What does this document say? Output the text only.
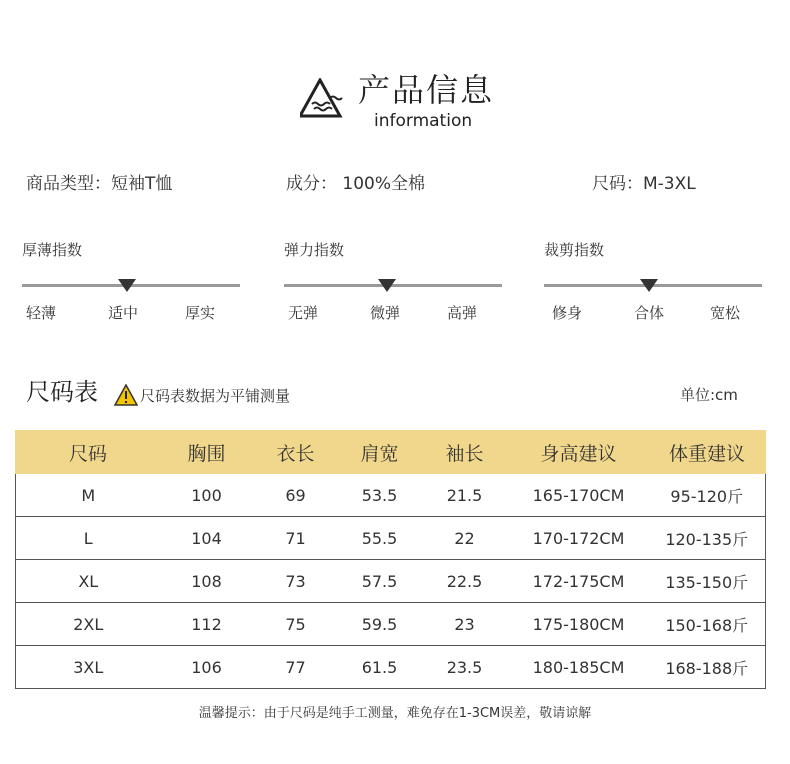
产品信息
information
商品类型：短袖T恤	成分： 100%全棉	尺码：M-3XL
厚薄指数
轻薄	适中	厚实
弹力指数
无弹	微弹	高弹
裁剪指数
修身	合体	宽松
尺码表	尺码表数据为平铺测量	单位:cm
尺码	胸围	衣长	肩宽	袖长	身高建议	体重建议
M	100	69	53.5	21.5	165-170CM	95-120斤
L	104	71	55.5	22	170-172CM	120-135斤
XL	108	73	57.5	22.5	172-175CM	135-150斤
2XL	112	75	59.5	23	175-180CM	150-168斤
3XL	106	77	61.5	23.5	180-185CM	168-188斤
温馨提示：由于尺码是纯手工测量，难免存在1-3CM误差，敬请谅解
